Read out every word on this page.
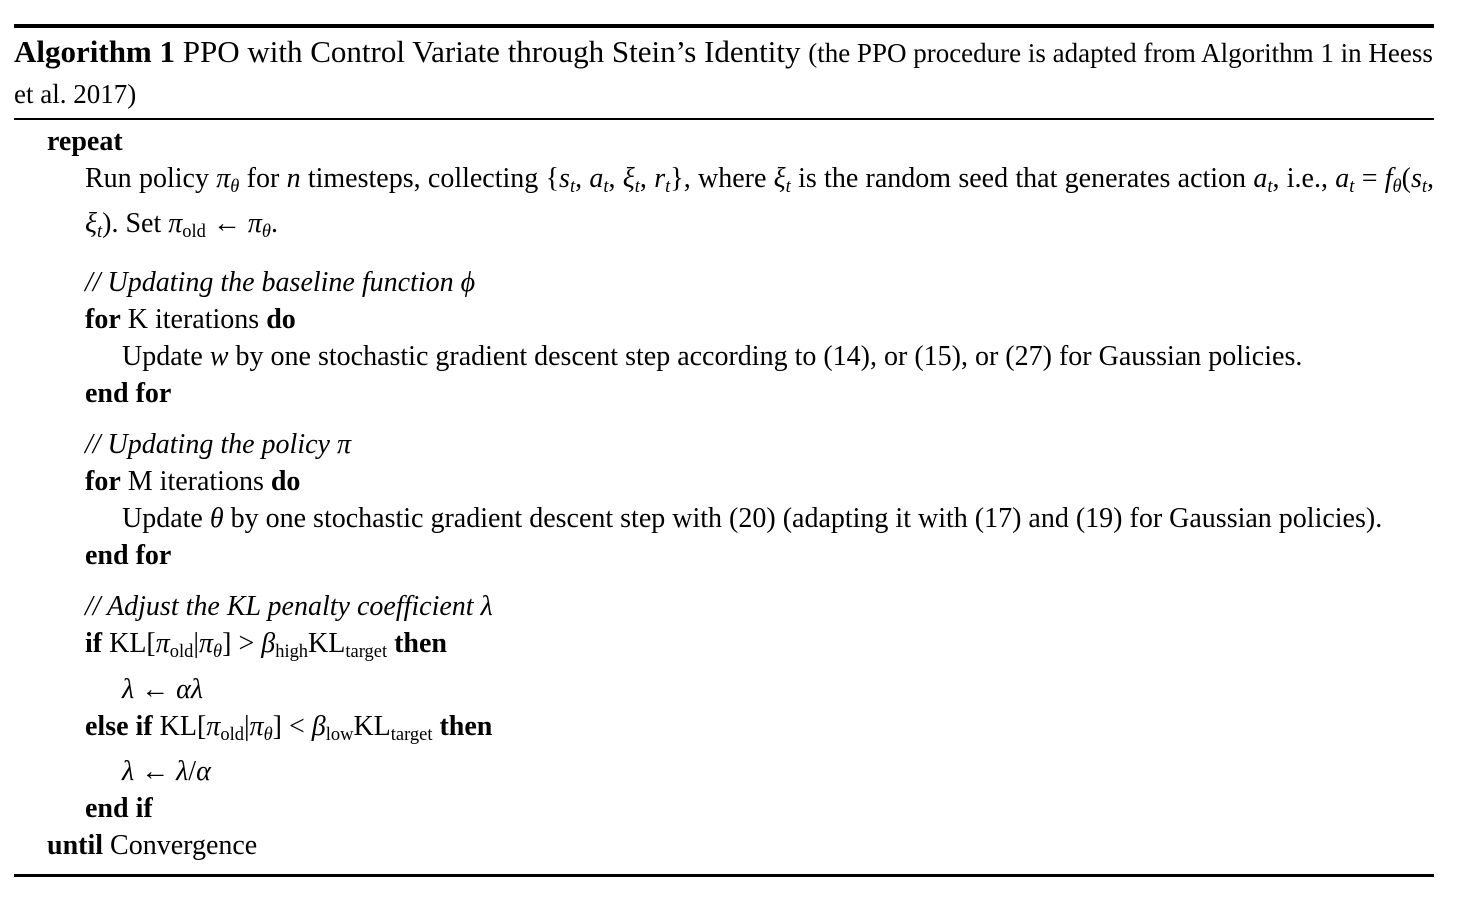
Algorithm 1 PPO with Control Variate through Stein’s Identity (the PPO procedure is adapted from Algorithm 1 in Heess et al. 2017)
repeat
Run policy πθ for n timesteps, collecting {st, at, ξt, rt}, where ξt is the random seed that generates action at, i.e., at = fθ(st, ξt). Set πold ← πθ.
// Updating the baseline function ϕ
for K iterations do
Update w by one stochastic gradient descent step according to (14), or (15), or (27) for Gaussian policies.
end for
// Updating the policy π
for M iterations do
Update θ by one stochastic gradient descent step with (20) (adapting it with (17) and (19) for Gaussian policies).
end for
// Adjust the KL penalty coefficient λ
if KL[πold|πθ] > βhighKLtarget then
λ ← αλ
else if KL[πold|πθ] < βlowKLtarget then
λ ← λ/α
end if
until Convergence
